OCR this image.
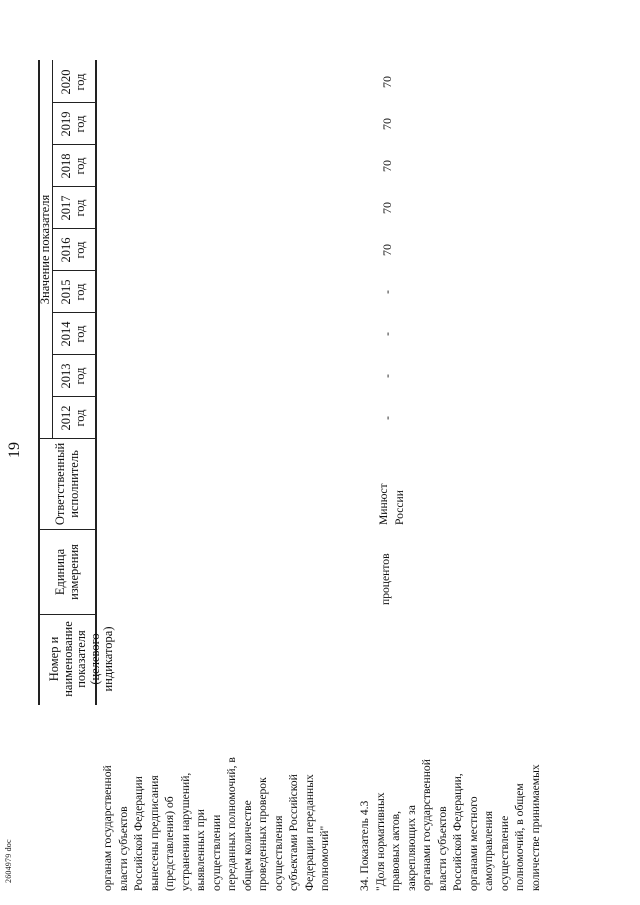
2604979 doc
19
Номер и наименование показателя (целевого индикатора)
Единица измерения
Ответственный исполнитель
Значение показателя
2012
год
2013
год
2014
год
2015
год
2016
год
2017
год
2018
год
2019
год
2020
год
органам государственной
власти субъектов
Российской Федерации
вынесены предписания
(представления) об
устранении нарушений,
выявленных при
осуществлении
переданных полномочий, в
общем количестве
проведенных проверок
осуществления
субъектами Российской
Федерации переданных
полномочий" 34. Показатель 4.3
"Доля нормативных
правовых актов,
закрепляющих за
органами государственной
власти субъектов
Российской Федерации,
органами местного
самоуправления
осуществление
полномочий, в общем
количестве принимаемых
процентов
Минюст
России
-
-
-
-
70
70
70
70
70
